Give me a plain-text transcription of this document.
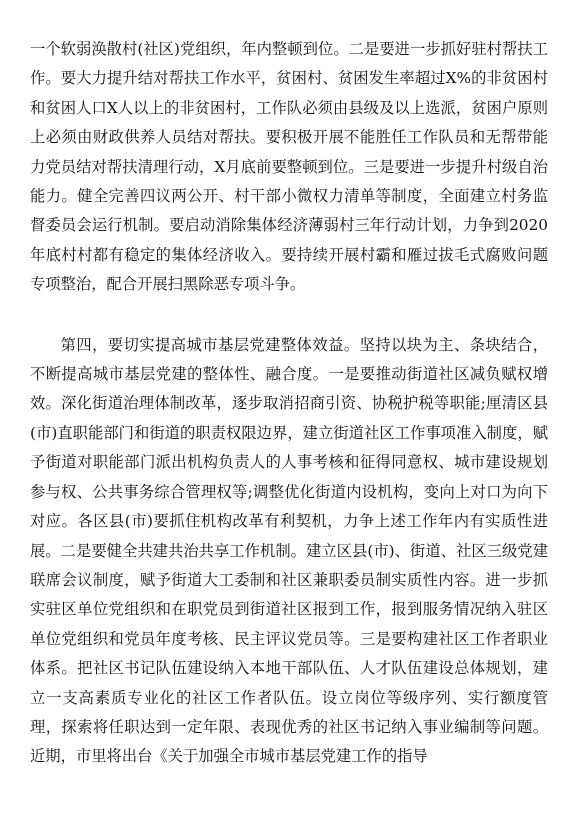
一个软弱涣散村(社区)党组织，年内整顿到位。二是要进一步抓好驻村帮扶工作。要大力提升结对帮扶工作水平，贫困村、贫困发生率超过X%的非贫困村和贫困人口X人以上的非贫困村，工作队必须由县级及以上选派，贫困户原则上必须由财政供养人员结对帮扶。要积极开展不能胜任工作队员和无帮带能力党员结对帮扶清理行动，X月底前要整顿到位。三是要进一步提升村级自治能力。健全完善四议两公开、村干部小微权力清单等制度，全面建立村务监督委员会运行机制。要启动消除集体经济薄弱村三年行动计划，力争到2020年底村村都有稳定的集体经济收入。要持续开展村霸和雁过拔毛式腐败问题专项整治，配合开展扫黑除恶专项斗争。

第四，要切实提高城市基层党建整体效益。坚持以块为主、条块结合，不断提高城市基层党建的整体性、融合度。一是要推动街道社区减负赋权增效。深化街道治理体制改革，逐步取消招商引资、协税护税等职能;厘清区县(市)直职能部门和街道的职责权限边界，建立街道社区工作事项准入制度，赋予街道对职能部门派出机构负责人的人事考核和征得同意权、城市建设规划参与权、公共事务综合管理权等;调整优化街道内设机构，变向上对口为向下对应。各区县(市)要抓住机构改革有利契机，力争上述工作年内有实质性进展。二是要健全共建共治共享工作机制。建立区县(市)、街道、社区三级党建联席会议制度，赋予街道大工委制和社区兼职委员制实质性内容。进一步抓实驻区单位党组织和在职党员到街道社区报到工作，报到服务情况纳入驻区单位党组织和党员年度考核、民主评议党员等。三是要构建社区工作者职业体系。把社区书记队伍建设纳入本地干部队伍、人才队伍建设总体规划，建立一支高素质专业化的社区工作者队伍。设立岗位等级序列、实行额度管理，探索将任职达到一定年限、表现优秀的社区书记纳入事业编制等问题。近期，市里将出台《关于加强全市城市基层党建工作的指导
